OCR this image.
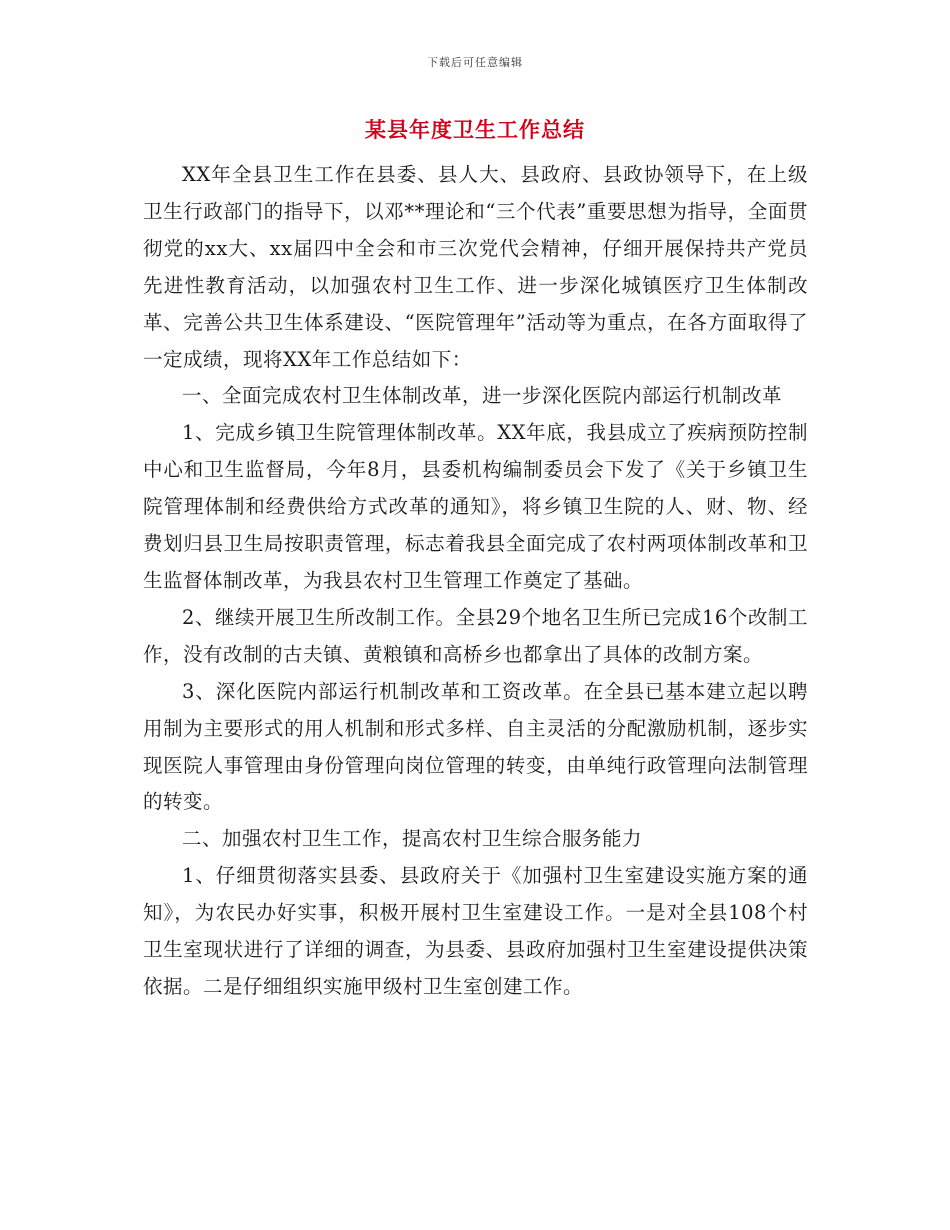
下载后可任意编辑
某县年度卫生工作总结

XX年全县卫生工作在县委、县人大、县政府、县政协领导下，在上级卫生行政部门的指导下，以邓**理论和“三个代表”重要思想为指导，全面贯彻党的xx大、xx届四中全会和市三次党代会精神，仔细开展保持共产党员先进性教育活动，以加强农村卫生工作、进一步深化城镇医疗卫生体制改革、完善公共卫生体系建设、“医院管理年”活动等为重点，在各方面取得了一定成绩，现将XX年工作总结如下：

一、全面完成农村卫生体制改革，进一步深化医院内部运行机制改革

1、完成乡镇卫生院管理体制改革。XX年底，我县成立了疾病预防控制中心和卫生监督局，今年8月，县委机构编制委员会下发了《关于乡镇卫生院管理体制和经费供给方式改革的通知》，将乡镇卫生院的人、财、物、经费划归县卫生局按职责管理，标志着我县全面完成了农村两项体制改革和卫生监督体制改革，为我县农村卫生管理工作奠定了基础。

2、继续开展卫生所改制工作。全县29个地名卫生所已完成16个改制工作，没有改制的古夫镇、黄粮镇和高桥乡也都拿出了具体的改制方案。

3、深化医院内部运行机制改革和工资改革。在全县已基本建立起以聘用制为主要形式的用人机制和形式多样、自主灵活的分配激励机制，逐步实现医院人事管理由身份管理向岗位管理的转变，由单纯行政管理向法制管理的转变。

二、加强农村卫生工作，提高农村卫生综合服务能力

1、仔细贯彻落实县委、县政府关于《加强村卫生室建设实施方案的通知》，为农民办好实事，积极开展村卫生室建设工作。一是对全县108个村卫生室现状进行了详细的调查，为县委、县政府加强村卫生室建设提供决策依据。二是仔细组织实施甲级村卫生室创建工作。
